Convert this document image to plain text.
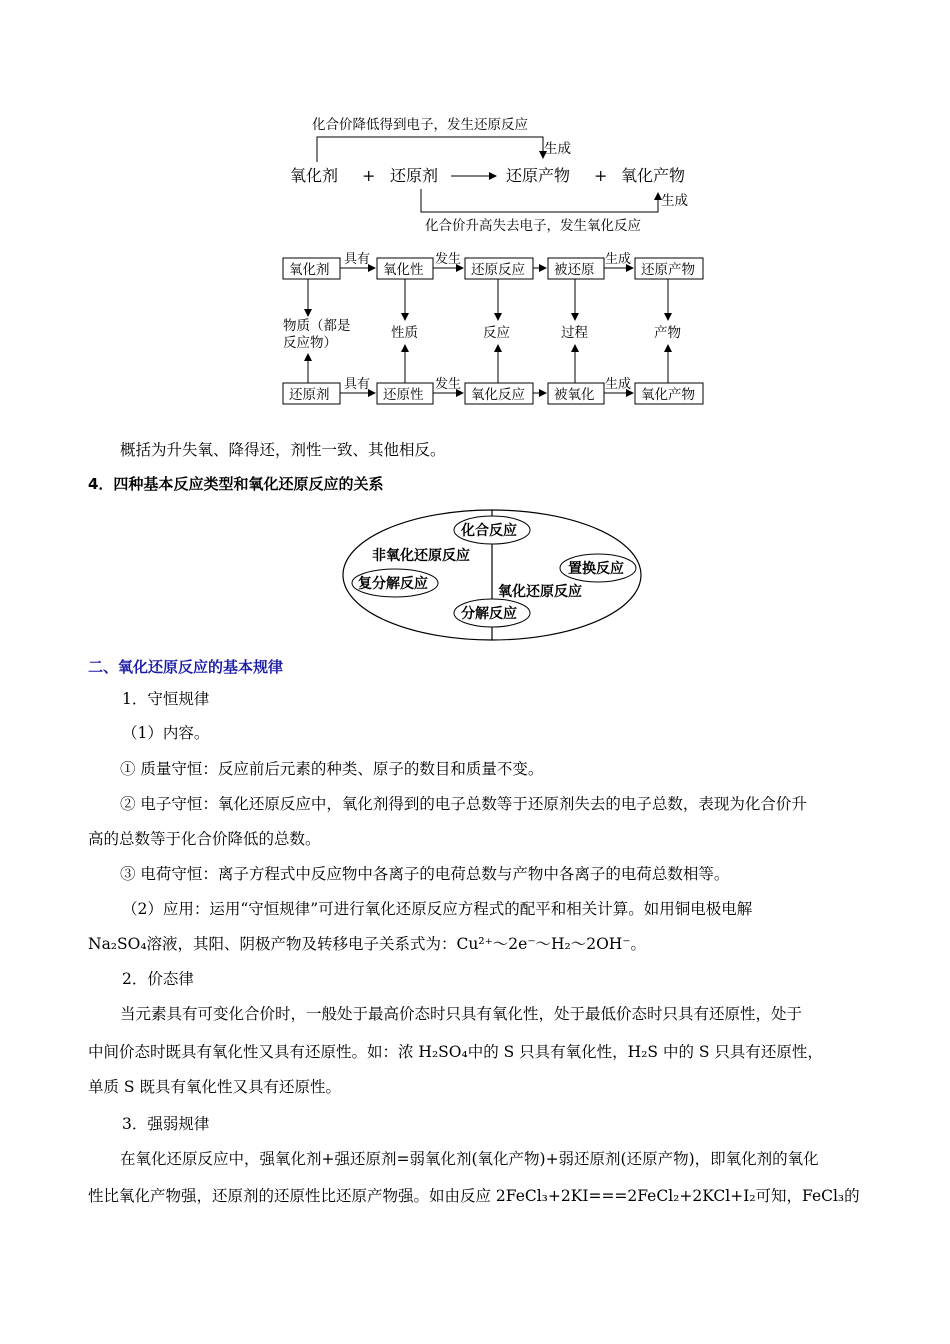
化合价降低得到电子，发生还原反应
生成
氧化剂 + 还原剂	还原产物 + 氧化产物
生成
化合价升高失去电子，发生氧化反应
氧化剂	氧化性	还原反应 被还原	还原产物
具有	发生	生成
物质（都是
反应物）
性质	反应	过程	产物
还原剂	还原性	氧化反应 被氧化	氧化产物
具有	发生	生成
概括为升失氧、降得还，剂性一致、其他相反。
4．四种基本反应类型和氧化还原反应的关系
化合反应
非氧化还原反应
复分解反应
置换反应
氧化还原反应
分解反应
二、氧化还原反应的基本规律
1．守恒规律
（1）内容。
① 质量守恒：反应前后元素的种类、原子的数目和质量不变。
② 电子守恒：氧化还原反应中，氧化剂得到的电子总数等于还原剂失去的电子总数，表现为化合价升
高的总数等于化合价降低的总数。
③ 电荷守恒：离子方程式中反应物中各离子的电荷总数与产物中各离子的电荷总数相等。
（2）应用：运用“守恒规律”可进行氧化还原反应方程式的配平和相关计算。如用铜电极电解
Na₂SO₄溶液，其阳、阴极产物及转移电子关系式为：Cu²⁺～2e⁻～H₂～2OH⁻。
2．价态律
当元素具有可变化合价时，一般处于最高价态时只具有氧化性，处于最低价态时只具有还原性，处于
中间价态时既具有氧化性又具有还原性。如：浓 H₂SO₄中的 S 只具有氧化性，H₂S 中的 S 只具有还原性，
单质 S 既具有氧化性又具有还原性。
3．强弱规律
在氧化还原反应中，强氧化剂+强还原剂=弱氧化剂(氧化产物)+弱还原剂(还原产物)，即氧化剂的氧化
性比氧化产物强，还原剂的还原性比还原产物强。如由反应 2FeCl₃+2KI===2FeCl₂+2KCl+I₂可知，FeCl₃的
